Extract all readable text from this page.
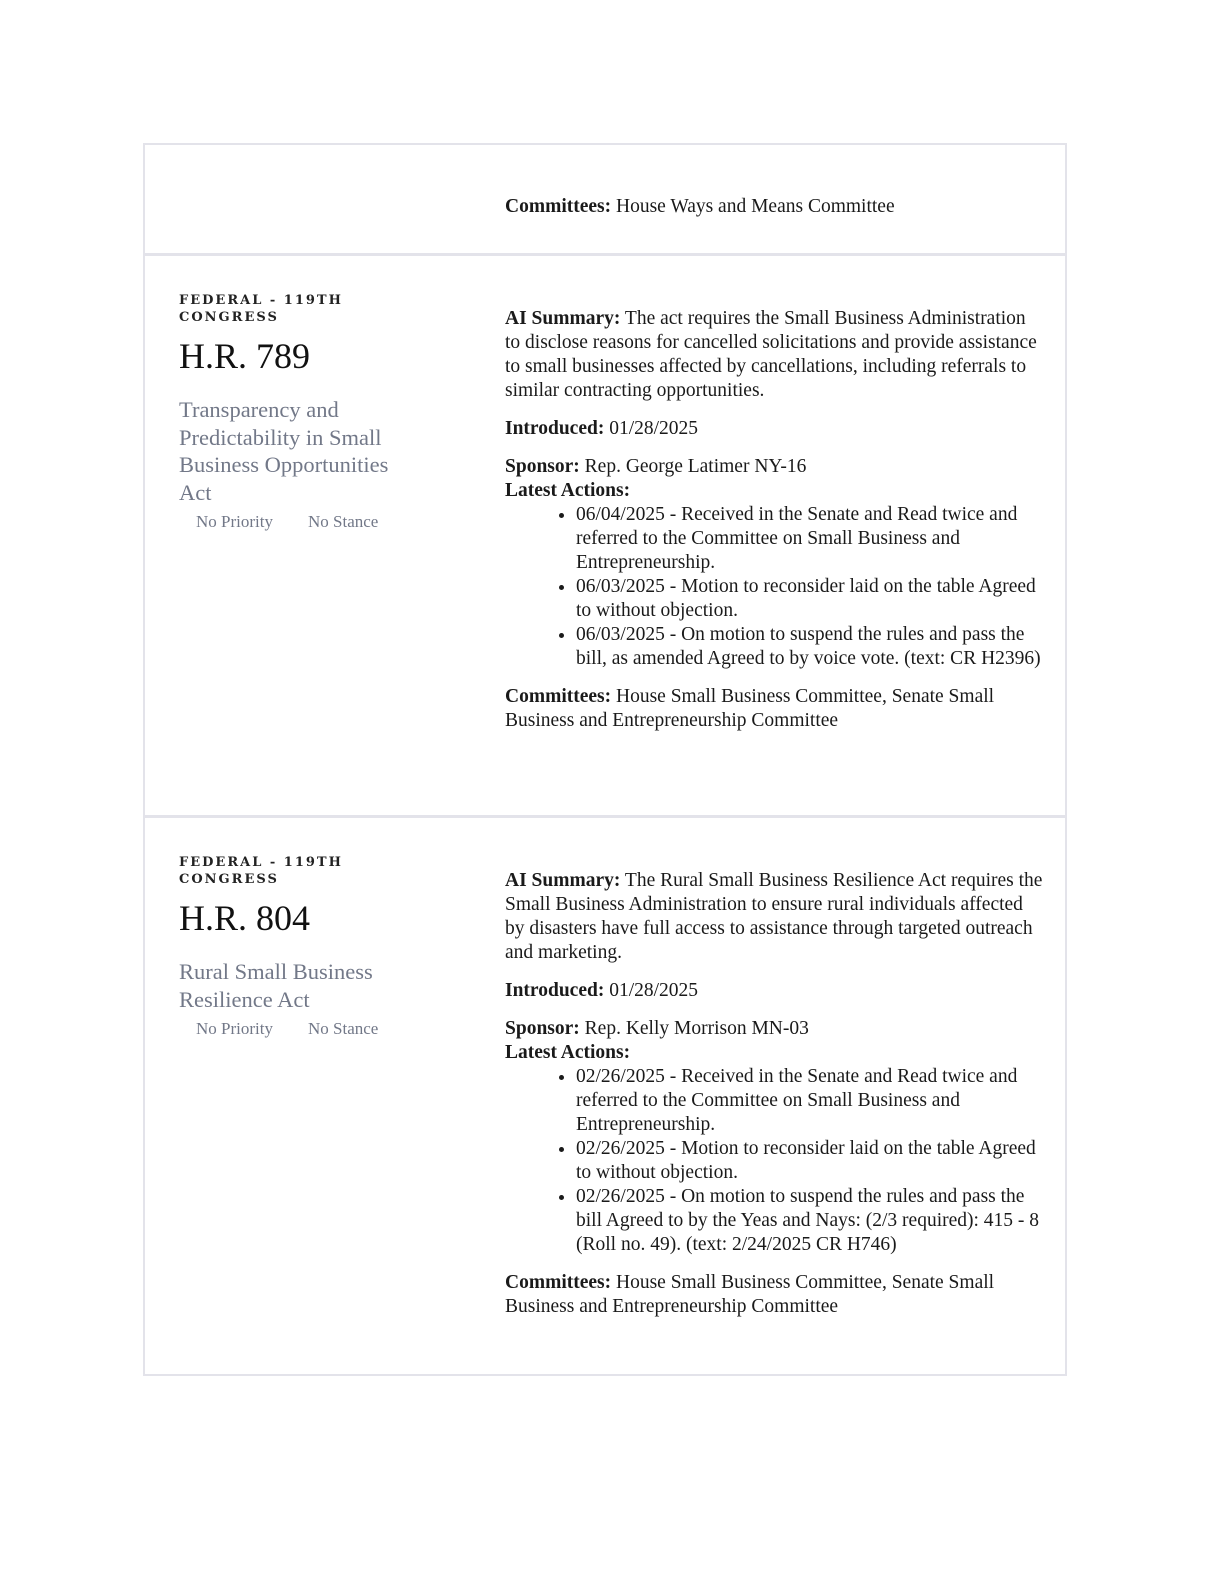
Committees: House Ways and Means Committee

FEDERAL - 119TH CONGRESS
H.R. 789
Transparency and Predictability in Small Business Opportunities Act
No Priority No Stance

AI Summary: The act requires the Small Business Administration to disclose reasons for cancelled solicitations and provide assistance to small businesses affected by cancellations, including referrals to similar contracting opportunities.

Introduced: 01/28/2025

Sponsor: Rep. George Latimer NY-16

Latest Actions:

• 06/04/2025 - Received in the Senate and Read twice and referred to the Committee on Small Business and Entrepreneurship.
• 06/03/2025 - Motion to reconsider laid on the table Agreed to without objection.
• 06/03/2025 - On motion to suspend the rules and pass the bill, as amended Agreed to by voice vote. (text: CR H2396)

Committees: House Small Business Committee, Senate Small Business and Entrepreneurship Committee

FEDERAL - 119TH CONGRESS
H.R. 804
Rural Small Business Resilience Act
No Priority No Stance

AI Summary: The Rural Small Business Resilience Act requires the Small Business Administration to ensure rural individuals affected by disasters have full access to assistance through targeted outreach and marketing.

Introduced: 01/28/2025

Sponsor: Rep. Kelly Morrison MN-03

Latest Actions:

• 02/26/2025 - Received in the Senate and Read twice and referred to the Committee on Small Business and Entrepreneurship.
• 02/26/2025 - Motion to reconsider laid on the table Agreed to without objection.
• 02/26/2025 - On motion to suspend the rules and pass the bill Agreed to by the Yeas and Nays: (2/3 required): 415 - 8 (Roll no. 49). (text: 2/24/2025 CR H746)

Committees: House Small Business Committee, Senate Small Business and Entrepreneurship Committee
